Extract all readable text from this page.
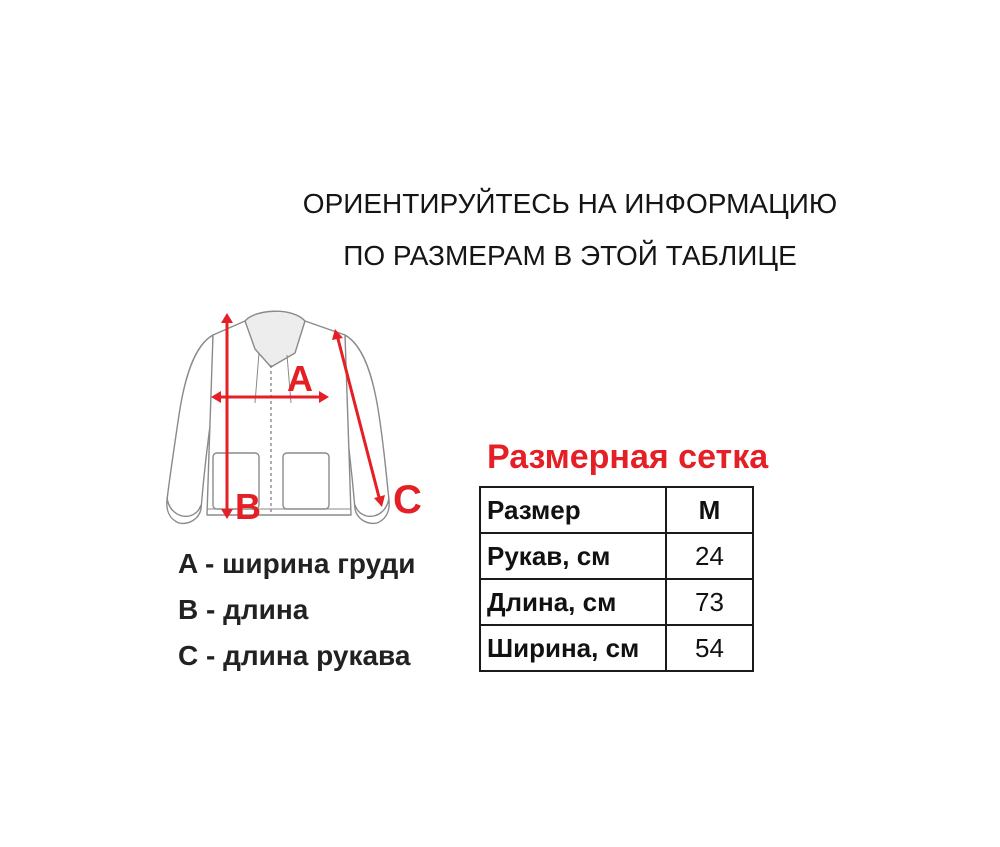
ОРИЕНТИРУЙТЕСЬ НА ИНФОРМАЦИЮ
ПО РАЗМЕРАМ В ЭТОЙ ТАБЛИЦЕ
A
B	C
A - ширина груди
B - длина
C - длина рукава
Размерная сетка
Размер	M
Рукав, см	24
Длина, см	73
Ширина, см	54
